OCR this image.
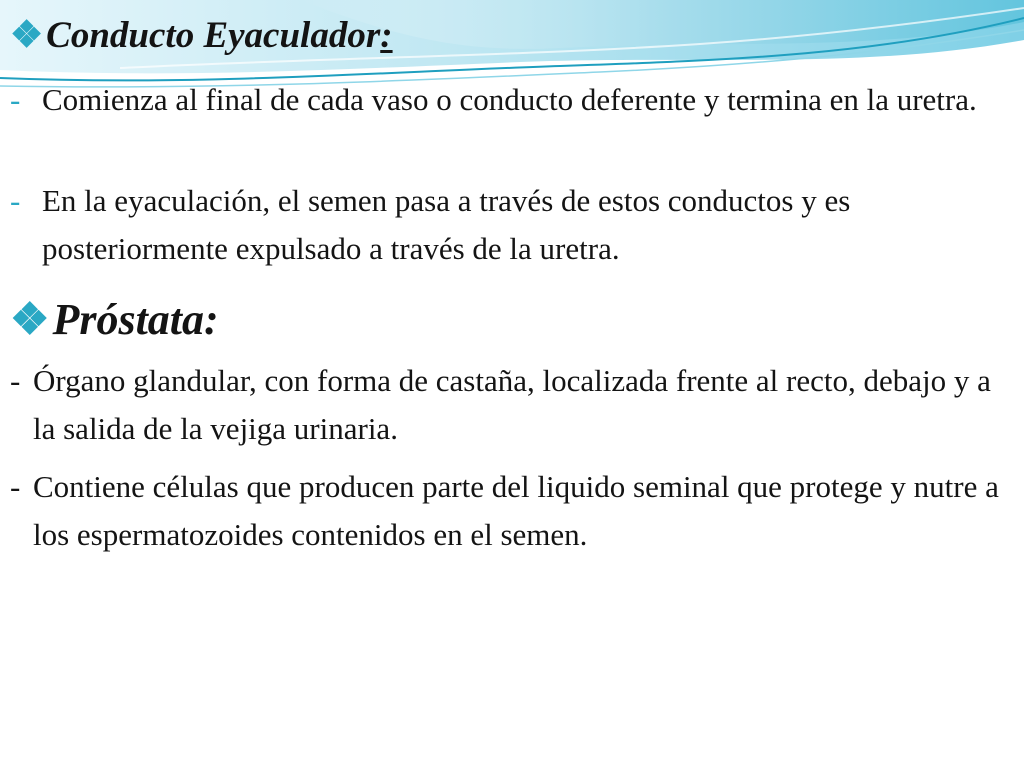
❖Conducto Eyaculador:
- Comienza al final de cada vaso o conducto deferente y termina en la uretra.
- En la eyaculación, el semen pasa a través de estos conductos y es posteriormente expulsado a través de la uretra.
❖Próstata:
- Órgano glandular, con forma de castaña, localizada frente al recto, debajo y a la salida de la vejiga urinaria.
- Contiene células que producen parte del liquido seminal que protege y nutre a los espermatozoides contenidos en el semen.
